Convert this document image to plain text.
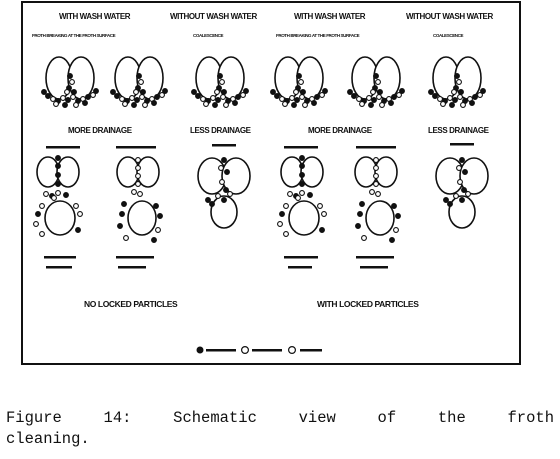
WITH WASH WATER	WITHOUT WASH WATER	WITH WASH WATER	WITHOUT WASH WATER
FROTH BREAKING AT THE FROTH SURFACE	COALESCENCE	FROTH BREAKING AT THE FROTH SURFACE	COALESCENCE
MORE DRAINAGE	LESS DRAINAGE	MORE DRAINAGE	LESS DRAINAGE
NO LOCKED PARTICLES	WITH LOCKED PARTICLES
Figure	14:	Schematic	view	of	the	froth
cleaning.
